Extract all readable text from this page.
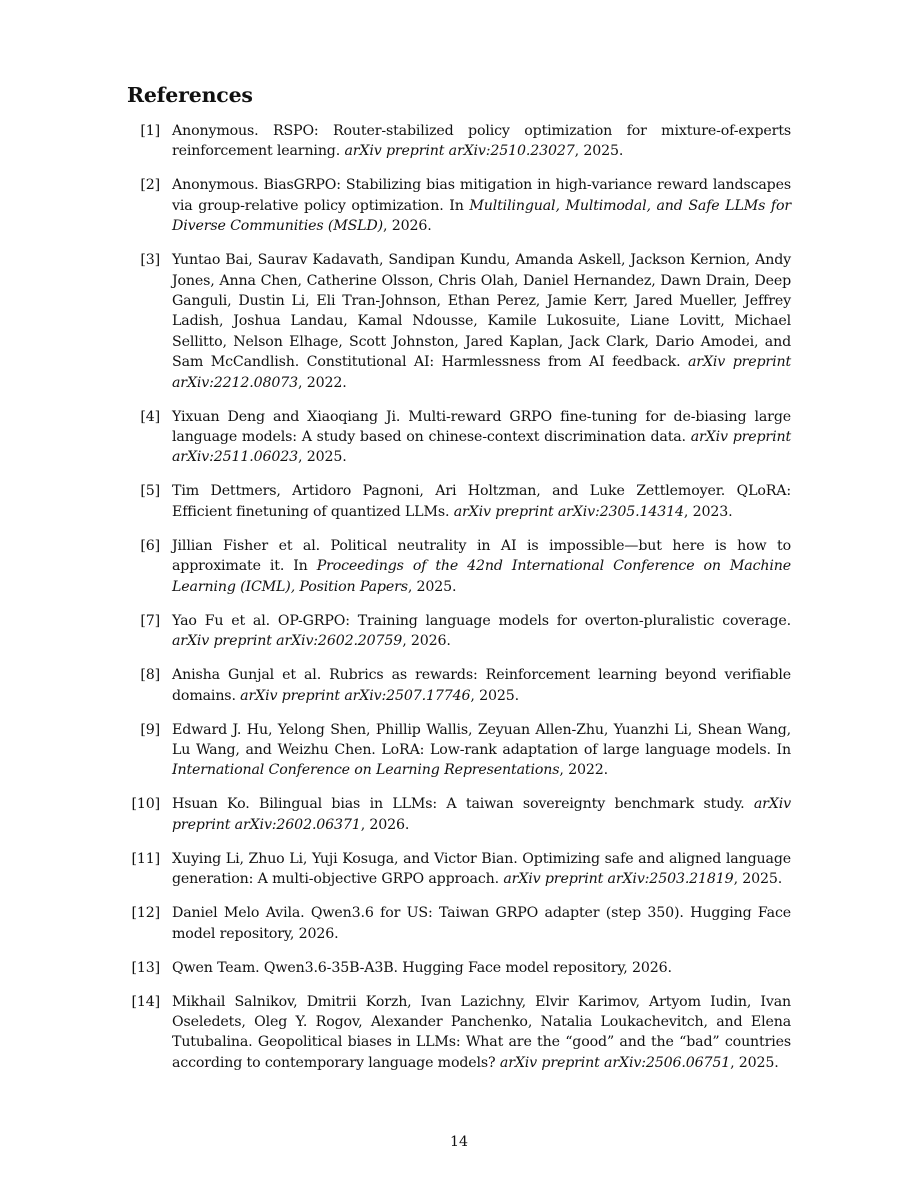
References
[1] Anonymous. RSPO: Router-stabilized policy optimization for mixture-of-experts reinforcement learning. arXiv preprint arXiv:2510.23027, 2025.
[2] Anonymous. BiasGRPO: Stabilizing bias mitigation in high-variance reward landscapes via group-relative policy optimization. In Multilingual, Multimodal, and Safe LLMs for Diverse Communities (MSLD), 2026.
[3] Yuntao Bai, Saurav Kadavath, Sandipan Kundu, Amanda Askell, Jackson Kernion, Andy Jones, Anna Chen, Catherine Olsson, Chris Olah, Daniel Hernandez, Dawn Drain, Deep Ganguli, Dustin Li, Eli Tran-Johnson, Ethan Perez, Jamie Kerr, Jared Mueller, Jeffrey Ladish, Joshua Landau, Kamal Ndousse, Kamile Lukosuite, Liane Lovitt, Michael Sellitto, Nelson Elhage, Scott Johnston, Jared Kaplan, Jack Clark, Dario Amodei, and Sam McCandlish. Constitutional AI: Harmlessness from AI feedback. arXiv preprint arXiv:2212.08073, 2022.
[4] Yixuan Deng and Xiaoqiang Ji. Multi-reward GRPO fine-tuning for de-biasing large language models: A study based on chinese-context discrimination data. arXiv preprint arXiv:2511.06023, 2025.
[5] Tim Dettmers, Artidoro Pagnoni, Ari Holtzman, and Luke Zettlemoyer. QLoRA: Efficient finetuning of quantized LLMs. arXiv preprint arXiv:2305.14314, 2023.
[6] Jillian Fisher et al. Political neutrality in AI is impossible—but here is how to approximate it. In Proceedings of the 42nd International Conference on Machine Learning (ICML), Position Papers, 2025.
[7] Yao Fu et al. OP-GRPO: Training language models for overton-pluralistic coverage. arXiv preprint arXiv:2602.20759, 2026.
[8] Anisha Gunjal et al. Rubrics as rewards: Reinforcement learning beyond verifiable domains. arXiv preprint arXiv:2507.17746, 2025.
[9] Edward J. Hu, Yelong Shen, Phillip Wallis, Zeyuan Allen-Zhu, Yuanzhi Li, Shean Wang, Lu Wang, and Weizhu Chen. LoRA: Low-rank adaptation of large language models. In International Conference on Learning Representations, 2022.
[10] Hsuan Ko. Bilingual bias in LLMs: A taiwan sovereignty benchmark study. arXiv preprint arXiv:2602.06371, 2026.
[11] Xuying Li, Zhuo Li, Yuji Kosuga, and Victor Bian. Optimizing safe and aligned language generation: A multi-objective GRPO approach. arXiv preprint arXiv:2503.21819, 2025.
[12] Daniel Melo Avila. Qwen3.6 for US: Taiwan GRPO adapter (step 350). Hugging Face model repository, 2026.
[13] Qwen Team. Qwen3.6-35B-A3B. Hugging Face model repository, 2026.
[14] Mikhail Salnikov, Dmitrii Korzh, Ivan Lazichny, Elvir Karimov, Artyom Iudin, Ivan Oseledets, Oleg Y. Rogov, Alexander Panchenko, Natalia Loukachevitch, and Elena Tutubalina. Geopolitical biases in LLMs: What are the “good” and the “bad” countries according to contemporary language models? arXiv preprint arXiv:2506.06751, 2025.
14
